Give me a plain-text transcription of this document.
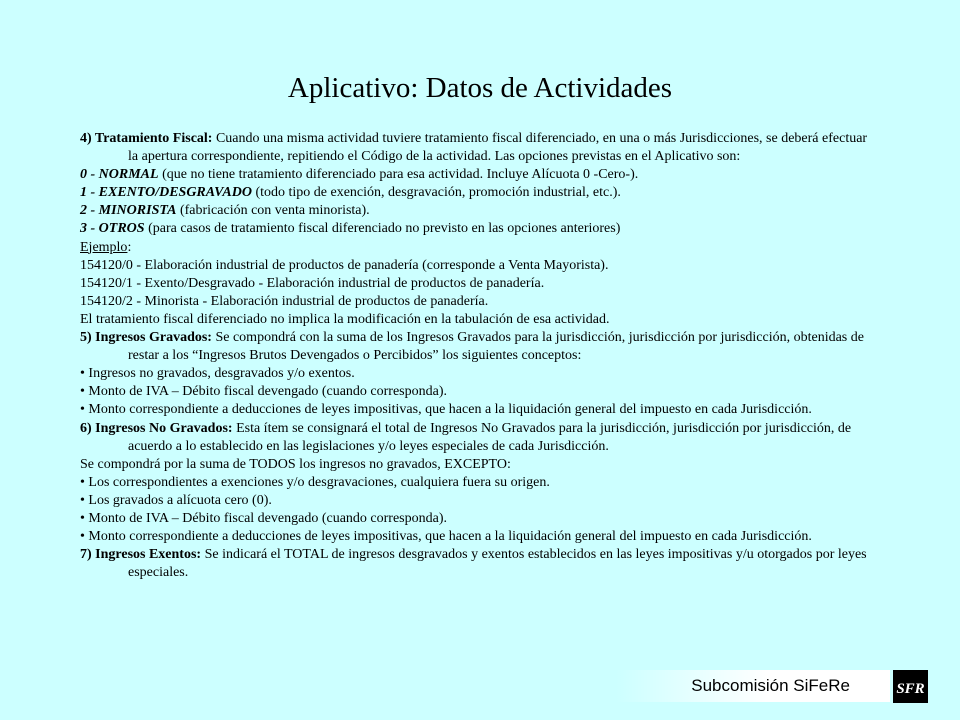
Aplicativo: Datos de Actividades

4) Tratamiento Fiscal: Cuando una misma actividad tuviere tratamiento fiscal diferenciado, en una o más Jurisdicciones, se deberá efectuar la apertura correspondiente, repitiendo el Código de la actividad. Las opciones previstas en el Aplicativo son:

0 - NORMAL (que no tiene tratamiento diferenciado para esa actividad. Incluye Alícuota 0 -Cero-).

1 - EXENTO/DESGRAVADO (todo tipo de exención, desgravación, promoción industrial, etc.).

2 - MINORISTA (fabricación con venta minorista).

3 - OTROS (para casos de tratamiento fiscal diferenciado no previsto en las opciones anteriores)

Ejemplo:

154120/0 - Elaboración industrial de productos de panadería (corresponde a Venta Mayorista).

154120/1 - Exento/Desgravado - Elaboración industrial de productos de panadería.

154120/2 - Minorista - Elaboración industrial de productos de panadería.

El tratamiento fiscal diferenciado no implica la modificación en la tabulación de esa actividad.

5) Ingresos Gravados: Se compondrá con la suma de los Ingresos Gravados para la jurisdicción, jurisdicción por jurisdicción, obtenidas de restar a los “Ingresos Brutos Devengados o Percibidos” los siguientes conceptos:

• Ingresos no gravados, desgravados y/o exentos.

• Monto de IVA – Débito fiscal devengado (cuando corresponda).

• Monto correspondiente a deducciones de leyes impositivas, que hacen a la liquidación general del impuesto en cada Jurisdicción.

6) Ingresos No Gravados: Esta ítem se consignará el total de Ingresos No Gravados para la jurisdicción, jurisdicción por jurisdicción, de acuerdo a lo establecido en las legislaciones y/o leyes especiales de cada Jurisdicción.

Se compondrá por la suma de TODOS los ingresos no gravados, EXCEPTO:

• Los correspondientes a exenciones y/o desgravaciones, cualquiera fuera su origen.

• Los gravados a alícuota cero (0).

• Monto de IVA – Débito fiscal devengado (cuando corresponda).

• Monto correspondiente a deducciones de leyes impositivas, que hacen a la liquidación general del impuesto en cada Jurisdicción.

7) Ingresos Exentos: Se indicará el TOTAL de ingresos desgravados y exentos establecidos en las leyes impositivas y/u otorgados por leyes especiales.

Subcomisión SiFeRe	SFR
